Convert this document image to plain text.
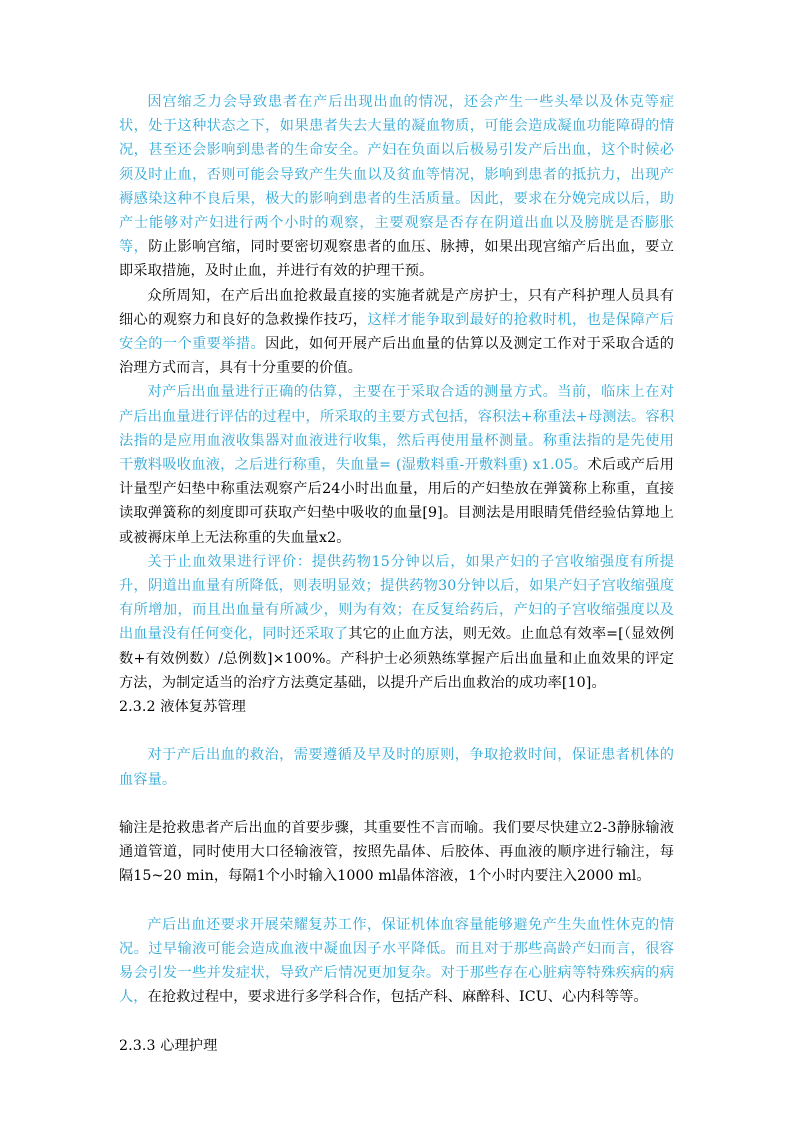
因宫缩乏力会导致患者在产后出现出血的情况，还会产生一些头晕以及休克等症状，处于这种状态之下，如果患者失去大量的凝血物质，可能会造成凝血功能障碍的情况，甚至还会影响到患者的生命安全。产妇在负面以后极易引发产后出血，这个时候必须及时止血，否则可能会导致产生失血以及贫血等情况，影响到患者的抵抗力，出现产褥感染这种不良后果，极大的影响到患者的生活质量。因此，要求在分娩完成以后，助产士能够对产妇进行两个小时的观察，主要观察是否存在阴道出血以及膀胱是否膨胀等，防止影响宫缩，同时要密切观察患者的血压、脉搏，如果出现宫缩产后出血，要立即采取措施，及时止血，并进行有效的护理干预。

众所周知，在产后出血抢救最直接的实施者就是产房护士，只有产科护理人员具有细心的观察力和良好的急救操作技巧，这样才能争取到最好的抢救时机，也是保障产后安全的一个重要举措。因此，如何开展产后出血量的估算以及测定工作对于采取合适的治理方式而言，具有十分重要的价值。

对产后出血量进行正确的估算，主要在于采取合适的测量方式。当前，临床上在对产后出血量进行评估的过程中，所采取的主要方式包括，容积法+称重法+母测法。容积法指的是应用血液收集器对血液进行收集，然后再使用量杯测量。称重法指的是先使用干敷料吸收血液，之后进行称重，失血量= (湿敷料重-开敷料重) x1.05。术后或产后用计量型产妇垫中称重法观察产后24小时出血量，用后的产妇垫放在弹簧称上称重，直接读取弹簧称的刻度即可获取产妇垫中吸收的血量[9]。目测法是用眼睛凭借经验估算地上或被褥床单上无法称重的失血量x2。

关于止血效果进行评价：提供药物15分钟以后，如果产妇的子宫收缩强度有所提升，阴道出血量有所降低，则表明显效；提供药物30分钟以后，如果产妇子宫收缩强度有所增加，而且出血量有所减少，则为有效；在反复给药后，产妇的子宫收缩强度以及出血量没有任何变化，同时还采取了其它的止血方法，则无效。止血总有效率=[（显效例数+有效例数）/总例数]×100%。产科护士必须熟练掌握产后出血量和止血效果的评定方法，为制定适当的治疗方法奠定基础，以提升产后出血救治的成功率[10]。

2.3.2 液体复苏管理

对于产后出血的救治，需要遵循及早及时的原则，争取抢救时间，保证患者机体的血容量。

输注是抢救患者产后出血的首要步骤，其重要性不言而喻。我们要尽快建立2-3静脉输液通道管道，同时使用大口径输液管，按照先晶体、后胶体、再血液的顺序进行输注，每隔15~20 min，每隔1个小时输入1000 ml晶体溶液，1个小时内要注入2000 ml。

产后出血还要求开展荣耀复苏工作，保证机体血容量能够避免产生失血性休克的情况。过早输液可能会造成血液中凝血因子水平降低。而且对于那些高龄产妇而言，很容易会引发一些并发症状，导致产后情况更加复杂。对于那些存在心脏病等特殊疾病的病人，在抢救过程中，要求进行多学科合作，包括产科、麻醉科、ICU、心内科等等。

2.3.3 心理护理
